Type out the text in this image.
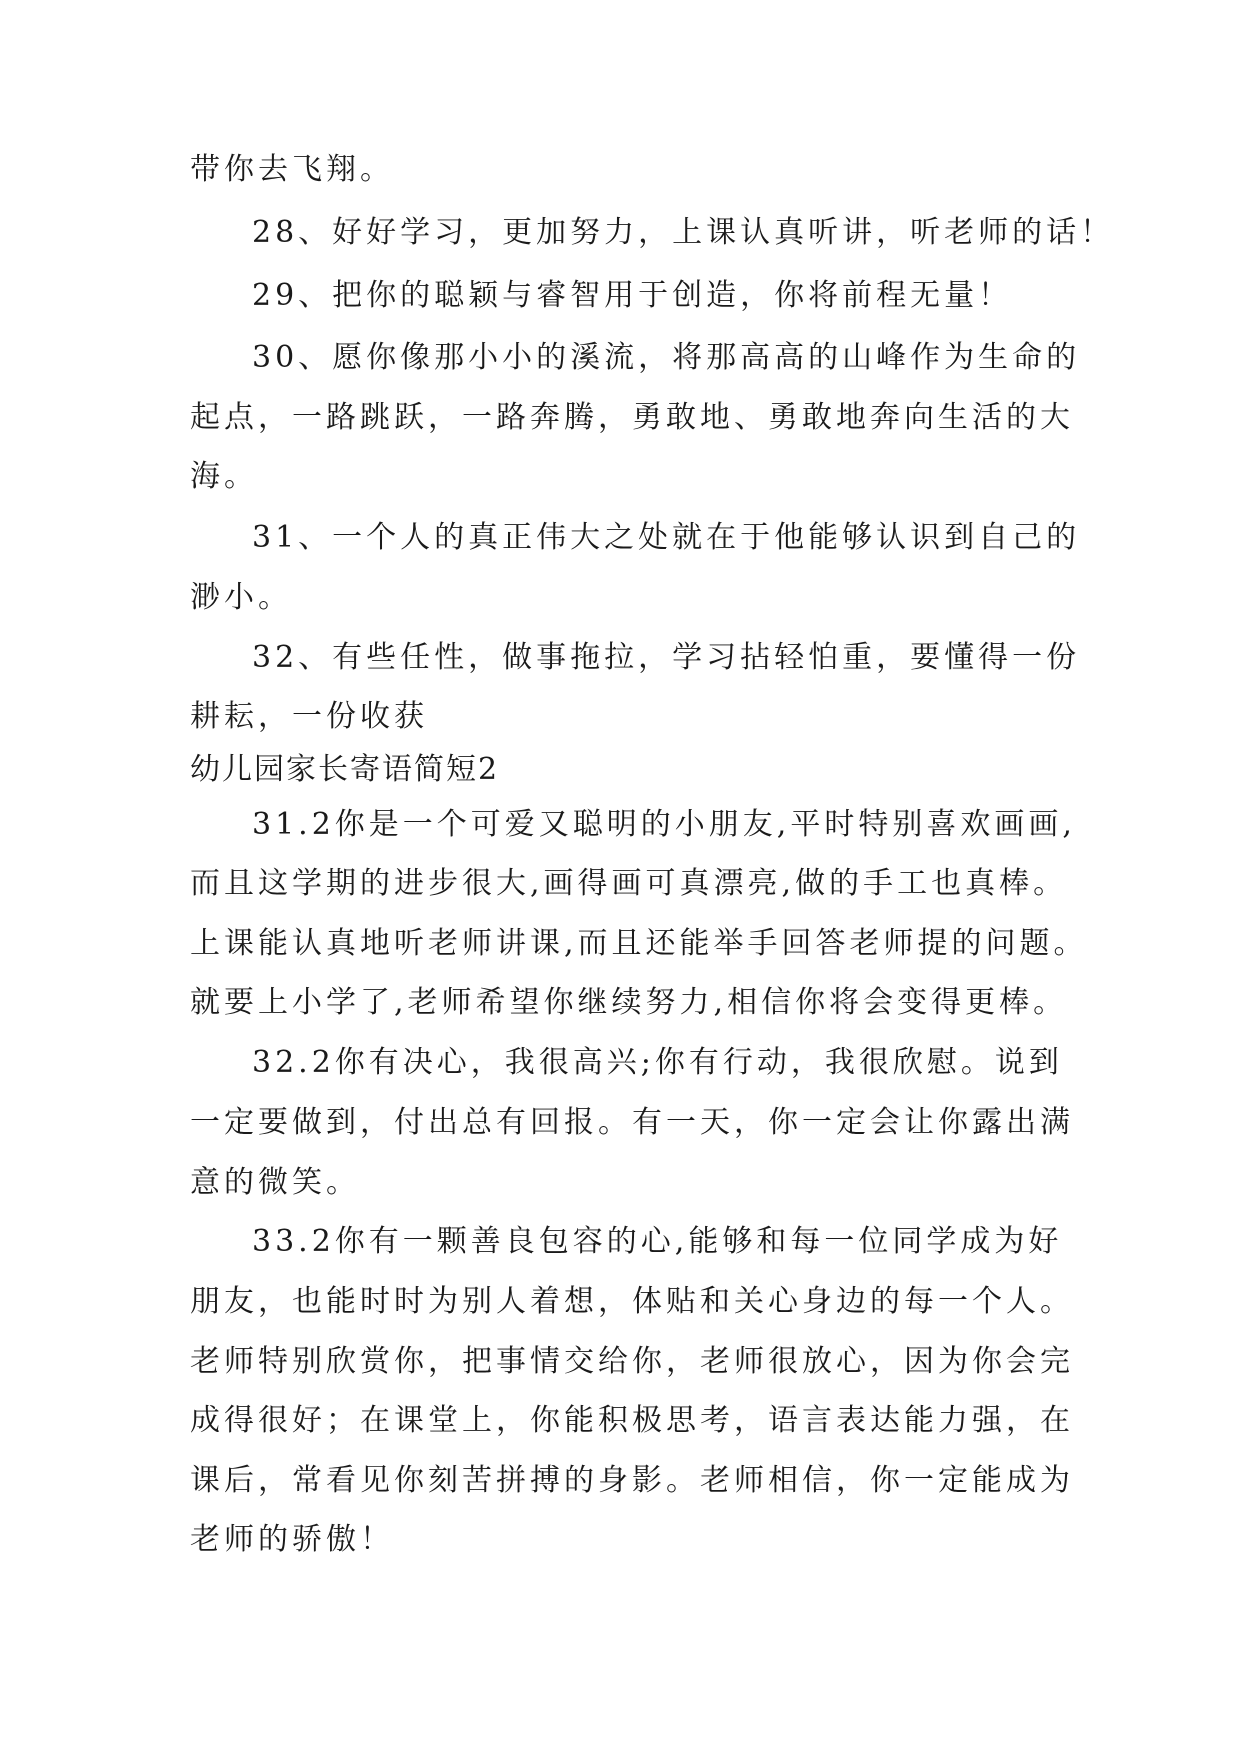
带你去飞翔。
28、好好学习，更加努力，上课认真听讲，听老师的话！
29、把你的聪颖与睿智用于创造，你将前程无量！
30、愿你像那小小的溪流，将那高高的山峰作为生命的
起点，一路跳跃，一路奔腾，勇敢地、勇敢地奔向生活的大
海。
31、一个人的真正伟大之处就在于他能够认识到自己的
渺小。
32、有些任性，做事拖拉，学习拈轻怕重，要懂得一份
耕耘，一份收获
幼儿园家长寄语简短2
31.2你是一个可爱又聪明的小朋友,平时特别喜欢画画,
而且这学期的进步很大,画得画可真漂亮,做的手工也真棒。
上课能认真地听老师讲课,而且还能举手回答老师提的问题。
就要上小学了,老师希望你继续努力,相信你将会变得更棒。
32.2你有决心，我很高兴;你有行动，我很欣慰。说到
一定要做到，付出总有回报。有一天，你一定会让你露出满
意的微笑。
33.2你有一颗善良包容的心,能够和每一位同学成为好
朋友，也能时时为别人着想，体贴和关心身边的每一个人。
老师特别欣赏你，把事情交给你，老师很放心，因为你会完
成得很好；在课堂上，你能积极思考，语言表达能力强，在
课后，常看见你刻苦拼搏的身影。老师相信，你一定能成为
老师的骄傲！
